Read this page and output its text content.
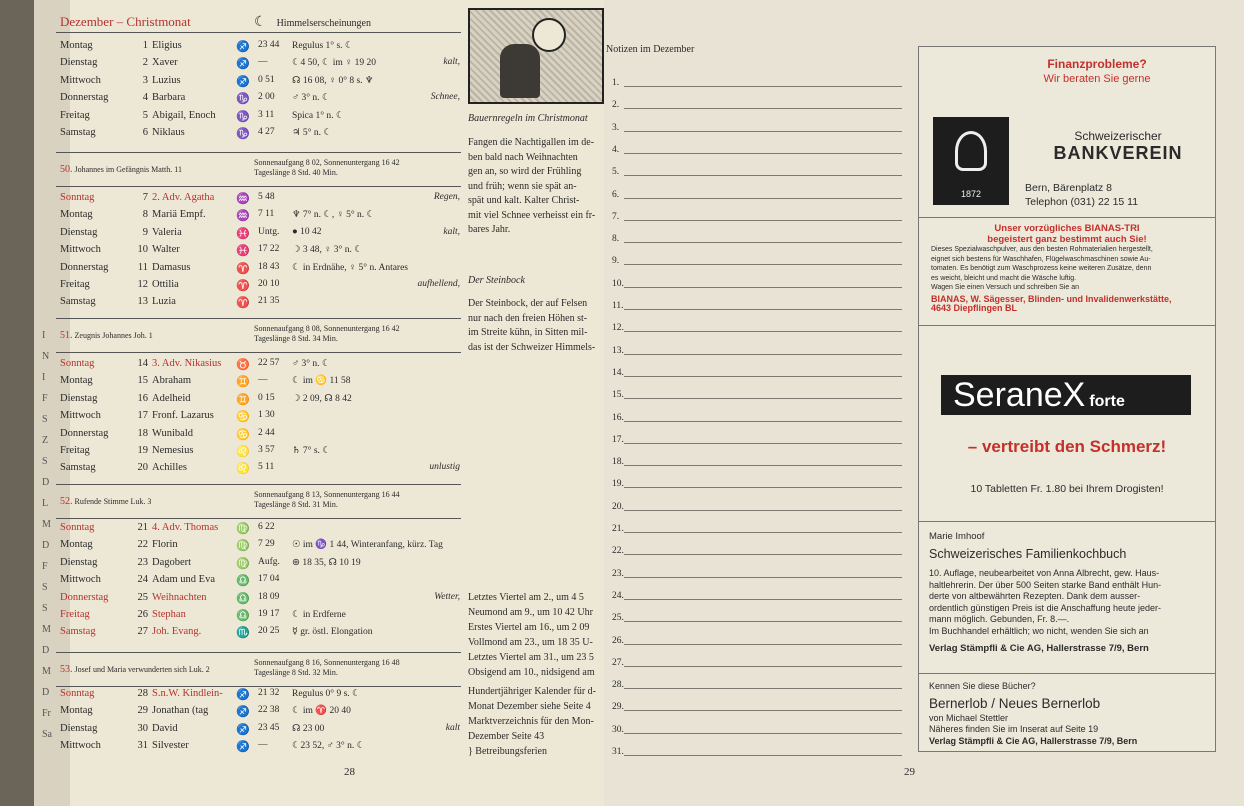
I
N
I
F
S
Z
S
D
L
M
D
F
S
S
M
D
M
D
Fr
Sa
Dezember – Christmonat	☾ Himmelserscheinungen
Montag	1 Eligius	♐ 23 44 Regulus 1° s. ☾
Dienstag	2 Xaver	♐ —	☾4 50, ☾ im ♀ 19 20	kalt,
Mittwoch	3 Luzius	♐ 0 51 ☊ 16 08, ♀ 0° 8 s. ♆
Donnerstag	4 Barbara	♑ 2 00 ♂ 3° n. ☾	Schnee,
Freitag	5 Abigail, Enoch ♑ 3 11 Spica 1° n. ☾
Samstag	6 Niklaus	♑ 4 27 ♃ 5° n. ☾
Sonntag	7 2. Adv. Agatha ♒ 5 48	Regen,
Montag	8 Mariä Empf.	♒ 7 11 ♆ 7° n. ☾, ♀ 5° n. ☾
Dienstag	9 Valeria	♓ Untg. ● 10 42	kalt,
Mittwoch	10 Walter	♓ 17 22 ☽ 3 48, ♀ 3° n. ☾
Donnerstag	11 Damasus	♈ 18 43 ☾ in Erdnähe, ♀ 5° n. Antares
Freitag	12 Ottilia	♈ 20 10	aufhellend,
Samstag	13 Luzia	♈ 21 35
Sonntag	14 3. Adv. Nikasius ♉ 22 57 ♂ 3° n. ☾
Montag	15 Abraham	♊ —	☾ im ♋ 11 58
Dienstag	16 Adelheid	♊ 0 15 ☽ 2 09, ☊ 8 42
Mittwoch	17 Fronf. Lazarus ♋ 1 30
Donnerstag	18 Wunibald	♋ 2 44
Freitag	19 Nemesius	♌ 3 57 ♄ 7° s. ☾
Samstag	20 Achilles	♌ 5 11	unlustig
Sonntag	21 4. Adv. Thomas ♍ 6 22
Montag	22 Florin	♍ 7 29 ☉ im ♑ 1 44, Winteranfang, kürz. Tag
Dienstag	23 Dagobert	♍ Aufg. ⊛ 18 35, ☊ 10 19
Mittwoch	24 Adam und Eva ♎ 17 04
Donnerstag	25 Weihnachten	♎ 18 09	Wetter,
Freitag	26 Stephan	♎ 19 17 ☾ in Erdferne
Samstag	27 Joh. Evang.	♏ 20 25 ☿ gr. östl. Elongation
Sonntag	28 S.n.W. Kindlein- ♐ 21 32 Regulus 0° 9 s. ☾
Montag	29 Jonathan (tag	♐ 22 38 ☾ im ♈ 20 40
Dienstag	30 David	♐ 23 45 ☊ 23 00	kalt
Mittwoch	31 Silvester	♐ —	☾23 52, ♂ 3° n. ☾
50. Johannes im Gefängnis Matth. 11
Sonnenaufgang 8 02, Sonnenuntergang 16 42
Tageslänge 8 Std. 40 Min.
51. Zeugnis Johannes Joh. 1
Sonnenaufgang 8 08, Sonnenuntergang 16 42
Tageslänge 8 Std. 34 Min.
52. Rufende Stimme Luk. 3
Sonnenaufgang 8 13, Sonnenuntergang 16 44
Tageslänge 8 Std. 31 Min.
53. Josef und Maria verwunderten sich Luk. 2
Sonnenaufgang 8 16, Sonnenuntergang 16 48
Tageslänge 8 Std. 32 Min.
Bauernregeln im Christmonat
Fangen die Nachtigallen im de-
ben bald nach Weihnachten
gen an, so wird der Frühling
und früh; wenn sie spät an-
spät und kalt. Kalter Christ-
mit viel Schnee verheisst ein fr-
bares Jahr.
Der Steinbock
Der Steinbock, der auf Felsen
nur nach den freien Höhen st-
im Streite kühn, in Sitten mil-
das ist der Schweizer Himmels-
Letztes Viertel am 2., um 4 5
Neumond am 9., um 10 42 Uhr
Erstes Viertel am 16., um 2 09
Vollmond am 23., um 18 35 U-
Letztes Viertel am 31., um 23 5
Obsigend am 10., nidsigend am
Hundertjähriger Kalender für d-
Monat Dezember siehe Seite 4
Marktverzeichnis für den Mon-
Dezember Seite 43
} Betreibungsferien
28
Notizen im Dezember
1.
2.
3.
4.
5.
6.
7.
8.
9.
10.
11.
12.
13.
14.
15.
16.
17.
18.
19.
20.
21.
22.
23.
24.
25.
26.
27.
28.
29.
30.
31.
29
Finanzprobleme?
Wir beraten Sie gerne
1872
Schweizerischer
BANKVEREIN
Bern, Bärenplatz 8
Telephon (031) 22 15 11
Unser vorzügliches BIANAS-TRI
begeistert ganz bestimmt auch Sie!
Dieses Spezialwaschpulver, aus den besten Rohmaterialien hergestellt,
eignet sich bestens für Waschhafen, Flügelwaschmaschinen sowie Au-
tomaten. Es benötigt zum Waschprozess keine weiteren Zusätze, denn
es weicht, bleicht und macht die Wäsche luftig.
Wagen Sie einen Versuch und schreiben Sie an
BIANAS, W. Sägesser, Blinden- und Invalidenwerkstätte,
4643 Diepflingen BL
SeraneX forte
– vertreibt den Schmerz!
10 Tabletten Fr. 1.80 bei Ihrem Drogisten!
Marie Imhoof
Schweizerisches Familienkochbuch
10. Auflage, neubearbeitet von Anna Albrecht, gew. Haus-
haltlehrerin. Der über 500 Seiten starke Band enthält Hun-
derte von altbewährten Rezepten. Dank dem ausser-
ordentlich günstigen Preis ist die Anschaffung heute jeder-
mann möglich. Gebunden, Fr. 8.—.
Im Buchhandel erhältlich; wo nicht, wenden Sie sich an
Verlag Stämpfli & Cie AG, Hallerstrasse 7/9, Bern
Kennen Sie diese Bücher?
Bernerlob / Neues Bernerlob
von Michael Stettler
Näheres finden Sie im Inserat auf Seite 19
Verlag Stämpfli & Cie AG, Hallerstrasse 7/9, Bern
